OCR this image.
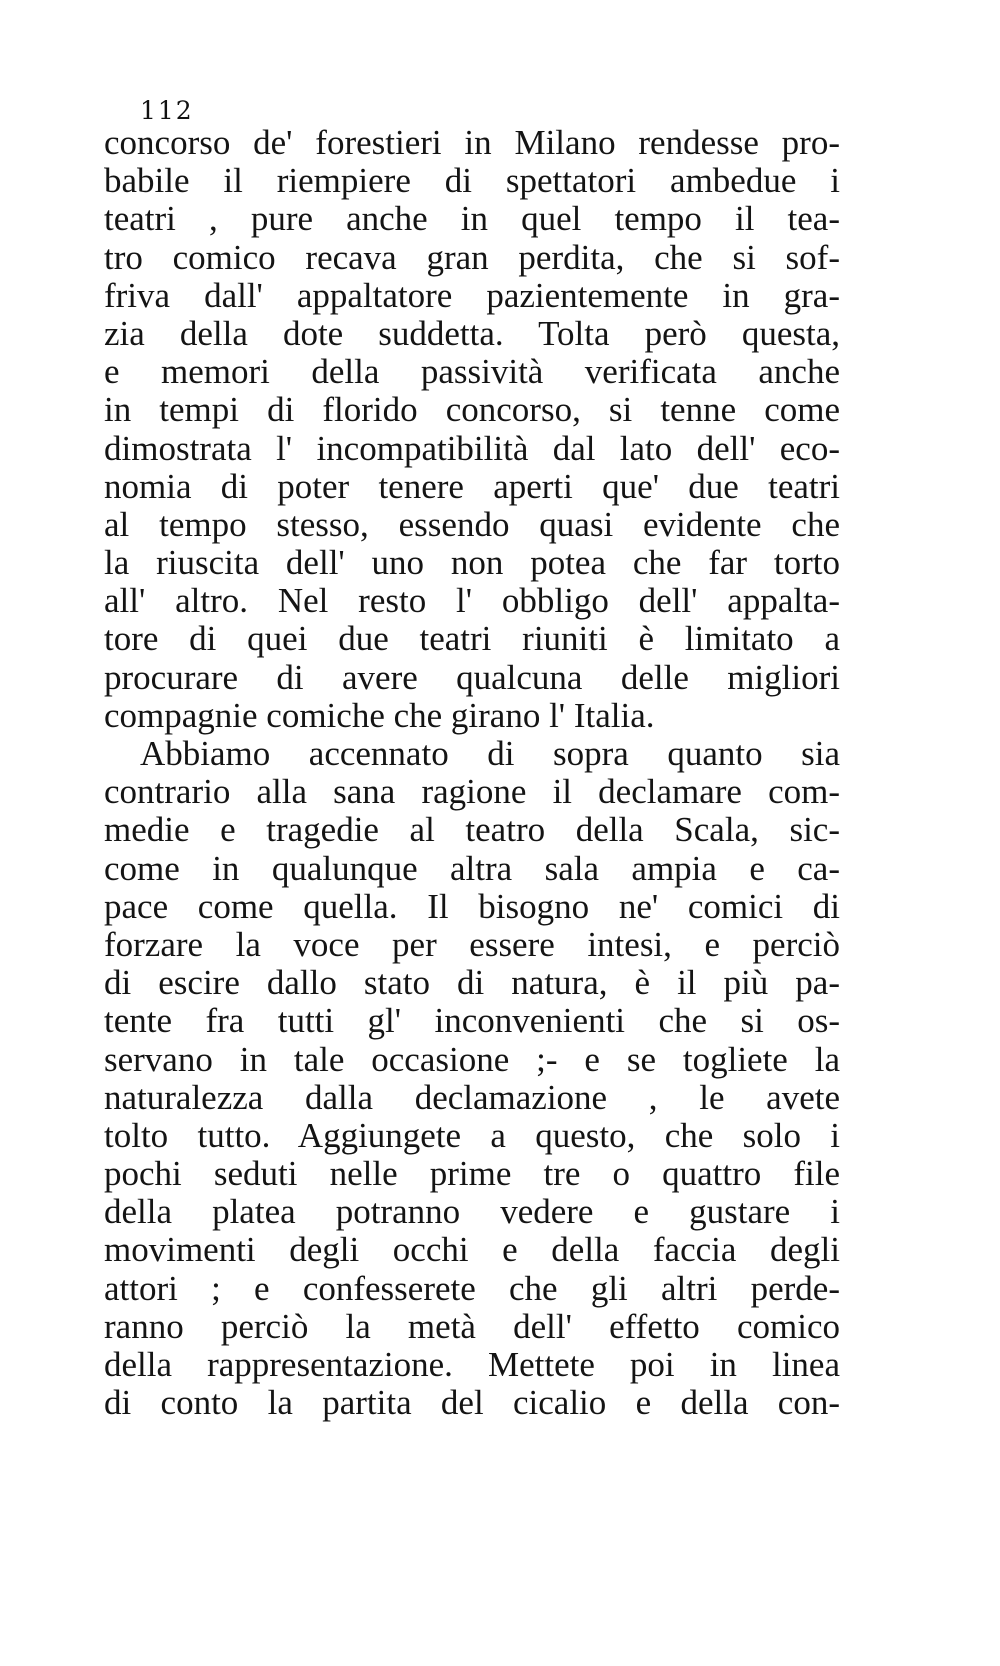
112
concorso de' forestieri in Milano rendesse pro-
babile il riempiere di spettatori ambedue i
teatri , pure anche in quel tempo il tea-
tro comico recava gran perdita, che si sof-
friva dall' appaltatore pazientemente in gra-
zia della dote suddetta. Tolta però questa,
e memori della passività verificata anche
in tempi di florido concorso, si tenne come
dimostrata l' incompatibilità dal lato dell' eco-
nomia di poter tenere aperti que' due teatri
al tempo stesso, essendo quasi evidente che
la riuscita dell' uno non potea che far torto
all' altro. Nel resto l' obbligo dell' appalta-
tore di quei due teatri riuniti è limitato a
procurare di avere qualcuna delle migliori
compagnie comiche che girano l' Italia.
Abbiamo accennato di sopra quanto sia
contrario alla sana ragione il declamare com-
medie e tragedie al teatro della Scala, sic-
come in qualunque altra sala ampia e ca-
pace come quella. Il bisogno ne' comici di
forzare la voce per essere intesi, e perciò
di escire dallo stato di natura, è il più pa-
tente fra tutti gl' inconvenienti che si os-
servano in tale occasione ;- e se togliete la
naturalezza dalla declamazione , le avete
tolto tutto. Aggiungete a questo, che solo i
pochi seduti nelle prime tre o quattro file
della platea potranno vedere e gustare i
movimenti degli occhi e della faccia degli
attori ; e confesserete che gli altri perde-
ranno perciò la metà dell' effetto comico
della rappresentazione. Mettete poi in linea
di conto la partita del cicalio e della con-
